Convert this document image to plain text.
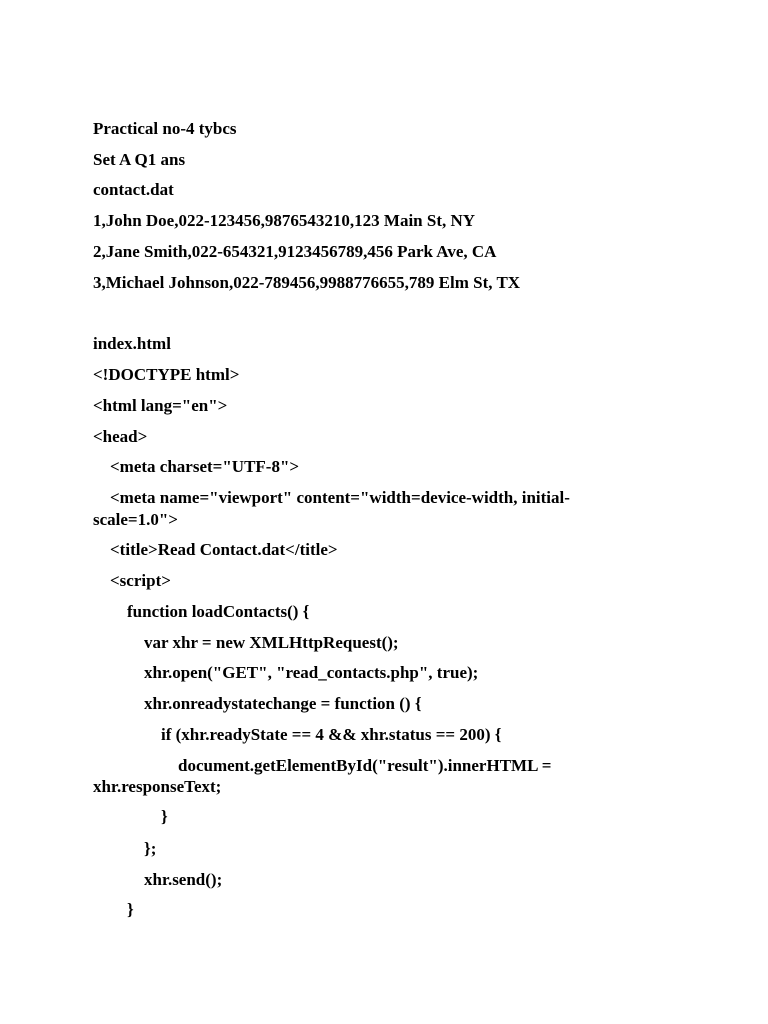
Practical no-4 tybcs
Set A Q1 ans
contact.dat
1,John Doe,022-123456,9876543210,123 Main St, NY
2,Jane Smith,022-654321,9123456789,456 Park Ave, CA
3,Michael Johnson,022-789456,9988776655,789 Elm St, TX
index.html
<!DOCTYPE html>
<html lang="en">
<head>
<meta charset="UTF-8">
<meta name="viewport" content="width=device-width, initial-
scale=1.0">
<title>Read Contact.dat</title>
<script>
function loadContacts() {
var xhr = new XMLHttpRequest();
xhr.open("GET", "read_contacts.php", true);
xhr.onreadystatechange = function () {
if (xhr.readyState == 4 && xhr.status == 200) {
document.getElementById("result").innerHTML =
xhr.responseText;
}
};
xhr.send();
}
